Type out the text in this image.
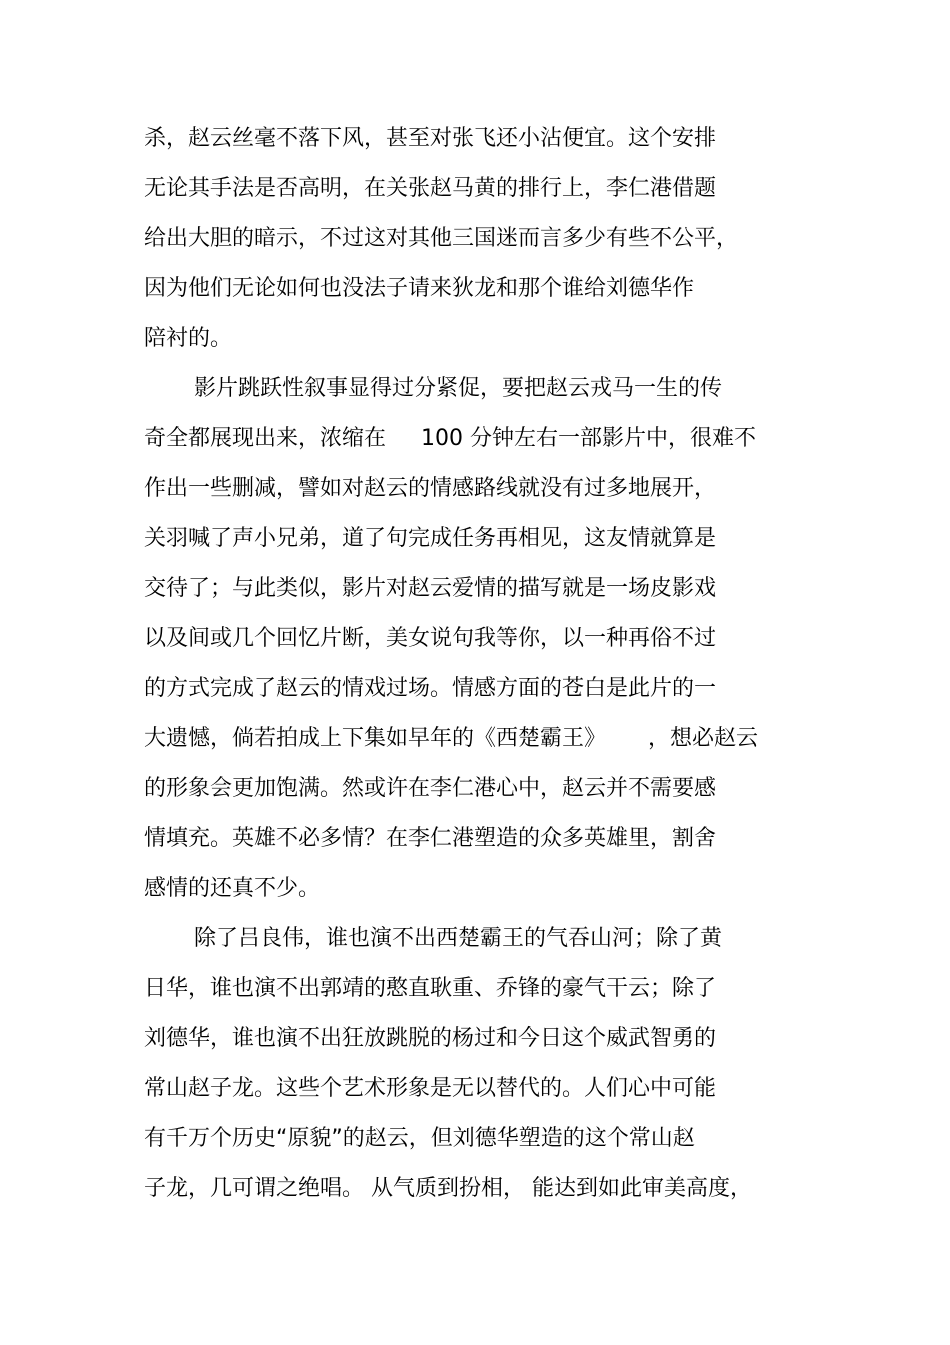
杀，赵云丝毫不落下风，甚至对张飞还小沾便宜。这个安排
无论其手法是否高明，在关张赵马黄的排行上，李仁港借题
给出大胆的暗示，不过这对其他三国迷而言多少有些不公平，
因为他们无论如何也没法子请来狄龙和那个谁给刘德华作
陪衬的。
影片跳跃性叙事显得过分紧促，要把赵云戎马一生的传
奇全都展现出来，浓缩在     100 分钟左右一部影片中，很难不
作出一些删减，譬如对赵云的情感路线就没有过多地展开，
关羽喊了声小兄弟，道了句完成任务再相见，这友情就算是
交待了；与此类似，影片对赵云爱情的描写就是一场皮影戏
以及间或几个回忆片断，美女说句我等你，以一种再俗不过
的方式完成了赵云的情戏过场。情感方面的苍白是此片的一
大遗憾，倘若拍成上下集如早年的《西楚霸王》      ，想必赵云
的形象会更加饱满。然或许在李仁港心中，赵云并不需要感
情填充。英雄不必多情？在李仁港塑造的众多英雄里，割舍
感情的还真不少。
除了吕良伟，谁也演不出西楚霸王的气吞山河；除了黄
日华，谁也演不出郭靖的憨直耿重、乔锋的豪气干云；除了
刘德华，谁也演不出狂放跳脱的杨过和今日这个威武智勇的
常山赵子龙。这些个艺术形象是无以替代的。人们心中可能
有千万个历史“原貌”的赵云，但刘德华塑造的这个常山赵
子龙，几可谓之绝唱。 从气质到扮相， 能达到如此审美高度，
